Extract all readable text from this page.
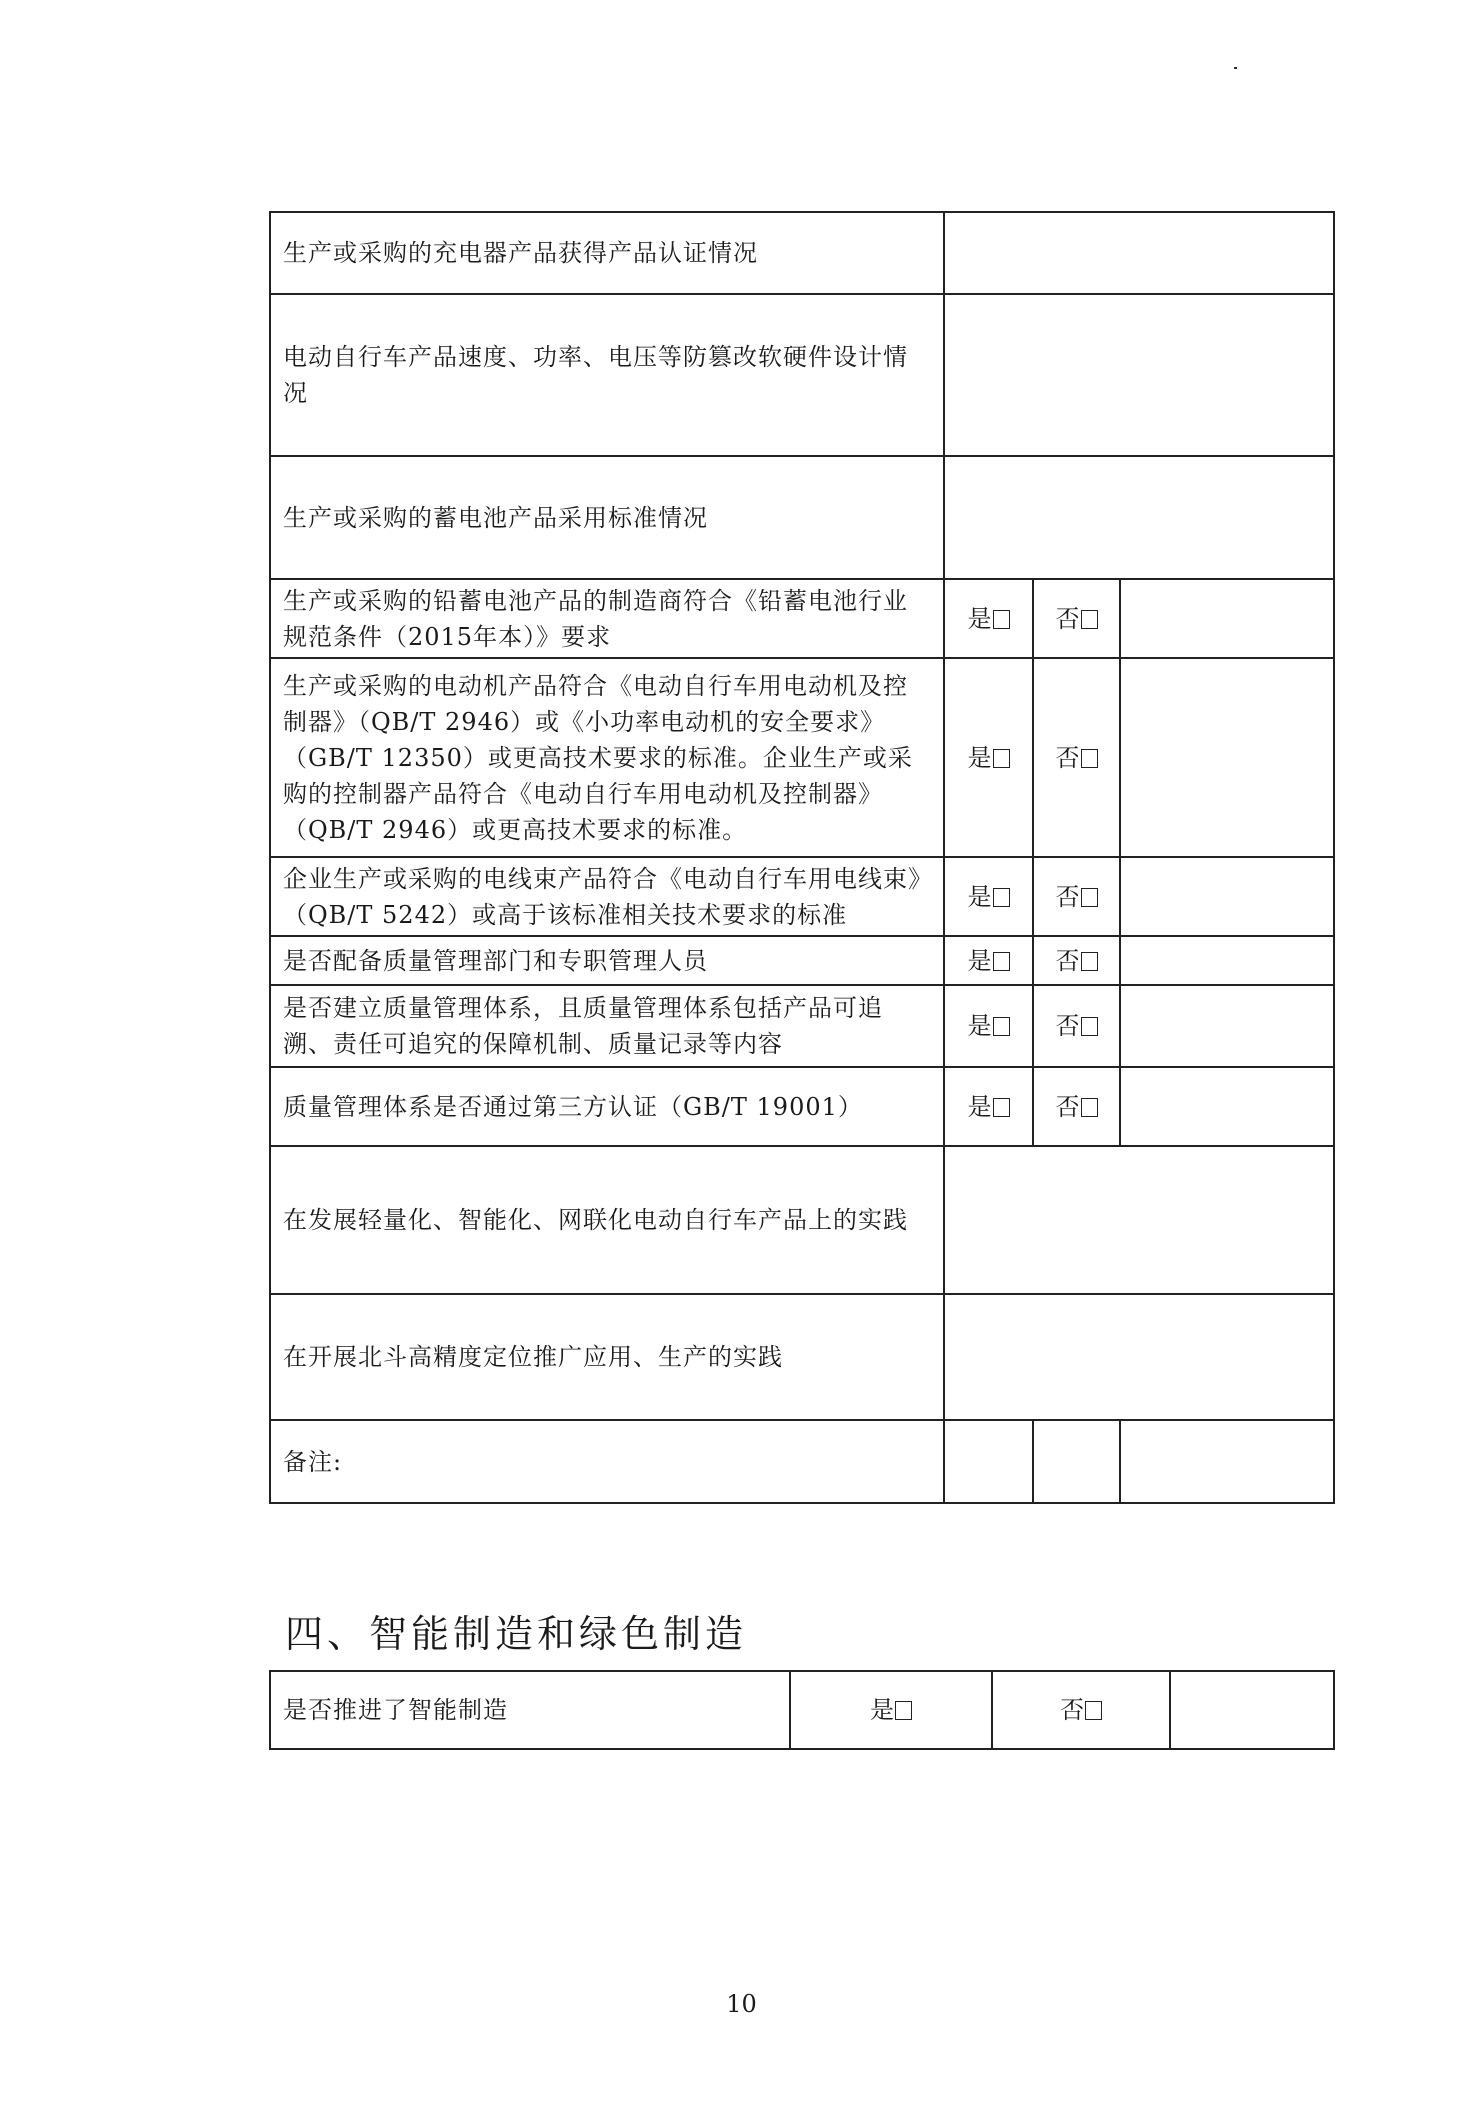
生产或采购的充电器产品获得产品认证情况			
电动自行车产品速度、功率、电压等防篡改软硬件设计情况			
生产或采购的蓄电池产品采用标准情况			
生产或采购的铅蓄电池产品的制造商符合《铅蓄电池行业规范条件（2015年本）》要求	是	否	
生产或采购的电动机产品符合《电动自行车用电动机及控制器》（QB/T 2946）或《小功率电动机的安全要求》（GB/T 12350）或更高技术要求的标准。企业生产或采购的控制器产品符合《电动自行车用电动机及控制器》（QB/T 2946）或更高技术要求的标准。	是	否	
企业生产或采购的电线束产品符合《电动自行车用电线束》（QB/T 5242）或高于该标准相关技术要求的标准	是	否	
是否配备质量管理部门和专职管理人员	是	否	
是否建立质量管理体系，且质量管理体系包括产品可追溯、责任可追究的保障机制、质量记录等内容	是	否	
质量管理体系是否通过第三方认证（GB/T 19001）	是	否	
在发展轻量化、智能化、网联化电动自行车产品上的实践			
在开展北斗高精度定位推广应用、生产的实践			
备注:			
四、智能制造和绿色制造
是否推进了智能制造	是	否	
10
